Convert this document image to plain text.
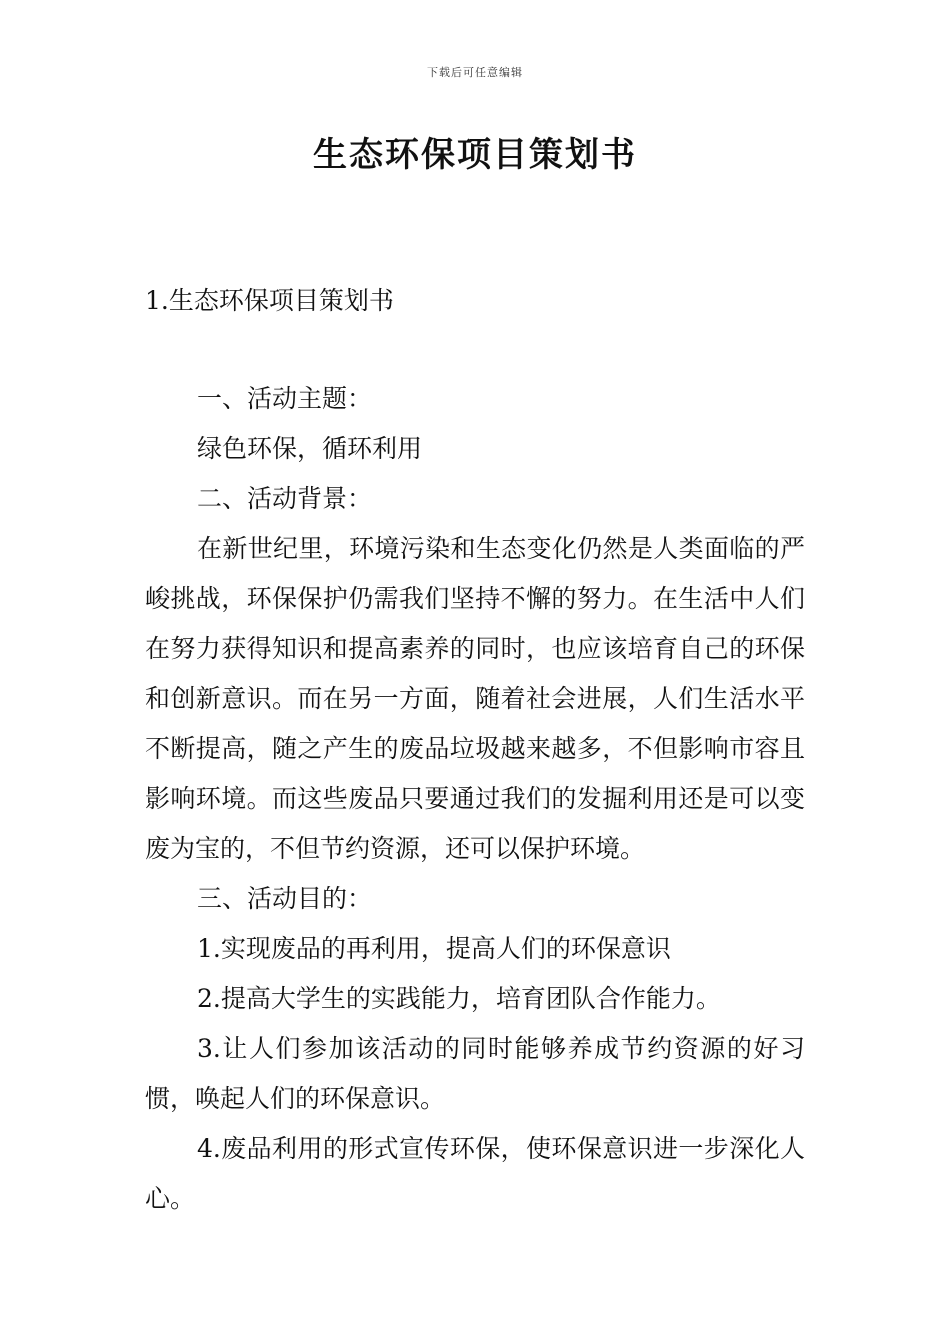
下载后可任意编辑
生态环保项目策划书
1.生态环保项目策划书

一、活动主题：

绿色环保，循环利用

二、活动背景：

在新世纪里，环境污染和生态变化仍然是人类面临的严峻挑战，环保保护仍需我们坚持不懈的努力。在生活中人们在努力获得知识和提高素养的同时，也应该培育自己的环保和创新意识。而在另一方面，随着社会进展，人们生活水平不断提高，随之产生的废品垃圾越来越多，不但影响市容且影响环境。而这些废品只要通过我们的发掘利用还是可以变废为宝的，不但节约资源，还可以保护环境。

三、活动目的：

1.实现废品的再利用，提高人们的环保意识

2.提高大学生的实践能力，培育团队合作能力。

3.让人们参加该活动的同时能够养成节约资源的好习惯，唤起人们的环保意识。

4.废品利用的形式宣传环保，使环保意识进一步深化人心。
